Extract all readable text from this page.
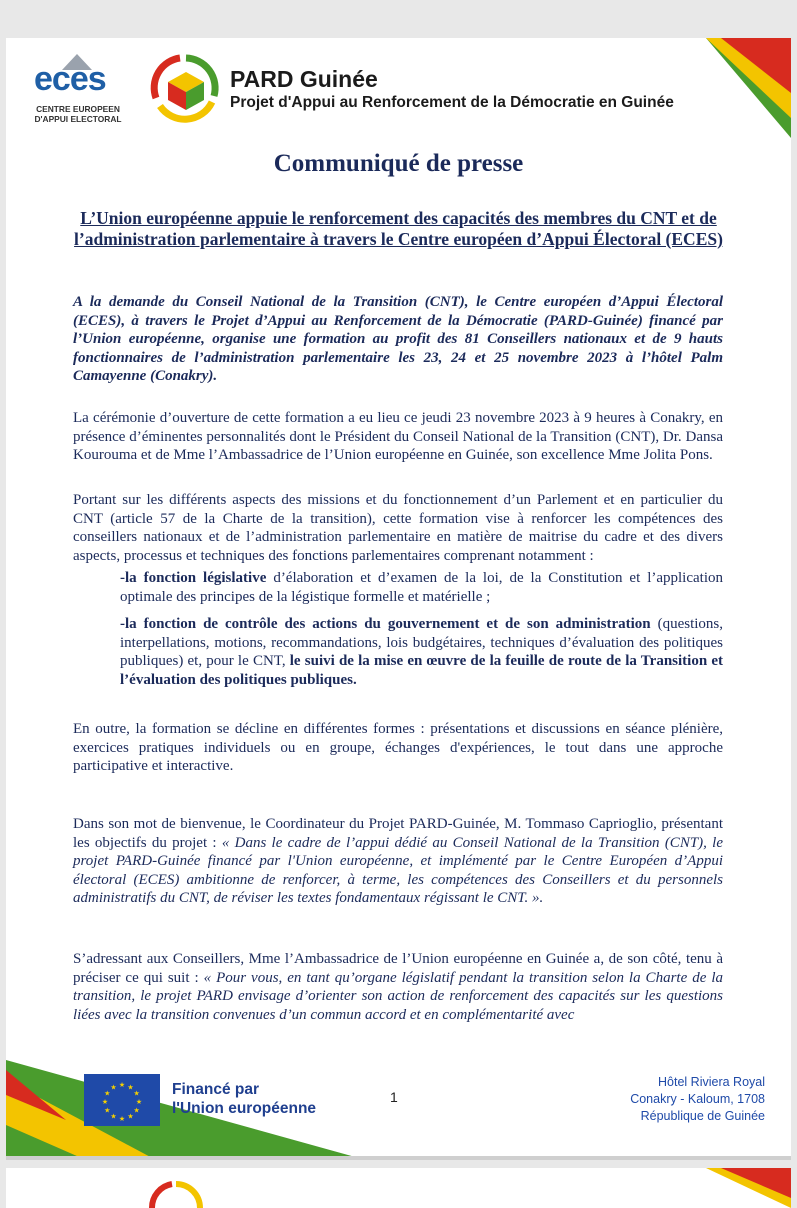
eces
CENTRE EUROPEEN
D'APPUI ELECTORAL
PARD Guinée
Projet d'Appui au Renforcement de la Démocratie en Guinée
Communiqué de presse
L’Union européenne appuie le renforcement des capacités des membres du CNT et de l’administration parlementaire à travers le Centre européen d’Appui Électoral (ECES)
A la demande du Conseil National de la Transition (CNT), le Centre européen d’Appui Électoral (ECES), à travers le Projet d’Appui au Renforcement de la Démocratie (PARD-Guinée) financé par l’Union européenne, organise une formation au profit des 81 Conseillers nationaux et de 9 hauts fonctionnaires de l’administration parlementaire les 23, 24 et 25 novembre 2023 à l’hôtel Palm Camayenne (Conakry).
La cérémonie d’ouverture de cette formation a eu lieu ce jeudi 23 novembre 2023 à 9 heures à Conakry, en présence d’éminentes personnalités dont le Président du Conseil National de la Transition (CNT), Dr. Dansa Kourouma et de Mme l’Ambassadrice de l’Union européenne en Guinée, son excellence Mme Jolita Pons.
Portant sur les différents aspects des missions et du fonctionnement d’un Parlement et en particulier du CNT (article 57 de la Charte de la transition), cette formation vise à renforcer les compétences des conseillers nationaux et de l’administration parlementaire en matière de maitrise du cadre et des divers aspects, processus et techniques des fonctions parlementaires comprenant notamment :
-la fonction législative d’élaboration et d’examen de la loi, de la Constitution et l’application optimale des principes de la légistique formelle et matérielle ;
-la fonction de contrôle des actions du gouvernement et de son administration (questions, interpellations, motions, recommandations, lois budgétaires, techniques d’évaluation des politiques publiques) et, pour le CNT, le suivi de la mise en œuvre de la feuille de route de la Transition et l’évaluation des politiques publiques.
En outre, la formation se décline en différentes formes : présentations et discussions en séance plénière, exercices pratiques individuels ou en groupe, échanges d'expériences, le tout dans une approche participative et interactive.
Dans son mot de bienvenue, le Coordinateur du Projet PARD-Guinée, M. Tommaso Caprioglio, présentant les objectifs du projet : « Dans le cadre de l’appui dédié au Conseil National de la Transition (CNT), le projet PARD-Guinée financé par l'Union européenne, et implémenté par le Centre Européen d’Appui électoral (ECES) ambitionne de renforcer, à terme, les compétences des Conseillers et du personnels administratifs du CNT, de réviser les textes fondamentaux régissant le CNT. ».
S’adressant aux Conseillers, Mme l’Ambassadrice de l’Union européenne en Guinée a, de son côté, tenu à préciser ce qui suit : « Pour vous, en tant qu’organe législatif pendant la transition selon la Charte de la transition, le projet PARD envisage d’orienter son action de renforcement des capacités sur les questions liées avec la transition convenues d’un commun accord et en complémentarité avec
★ ★
★
★
★
★
★
★
★
★
★
★	Financé par
l'Union européenne
1
Hôtel Riviera Royal
Conakry - Kaloum, 1708
République de Guinée
